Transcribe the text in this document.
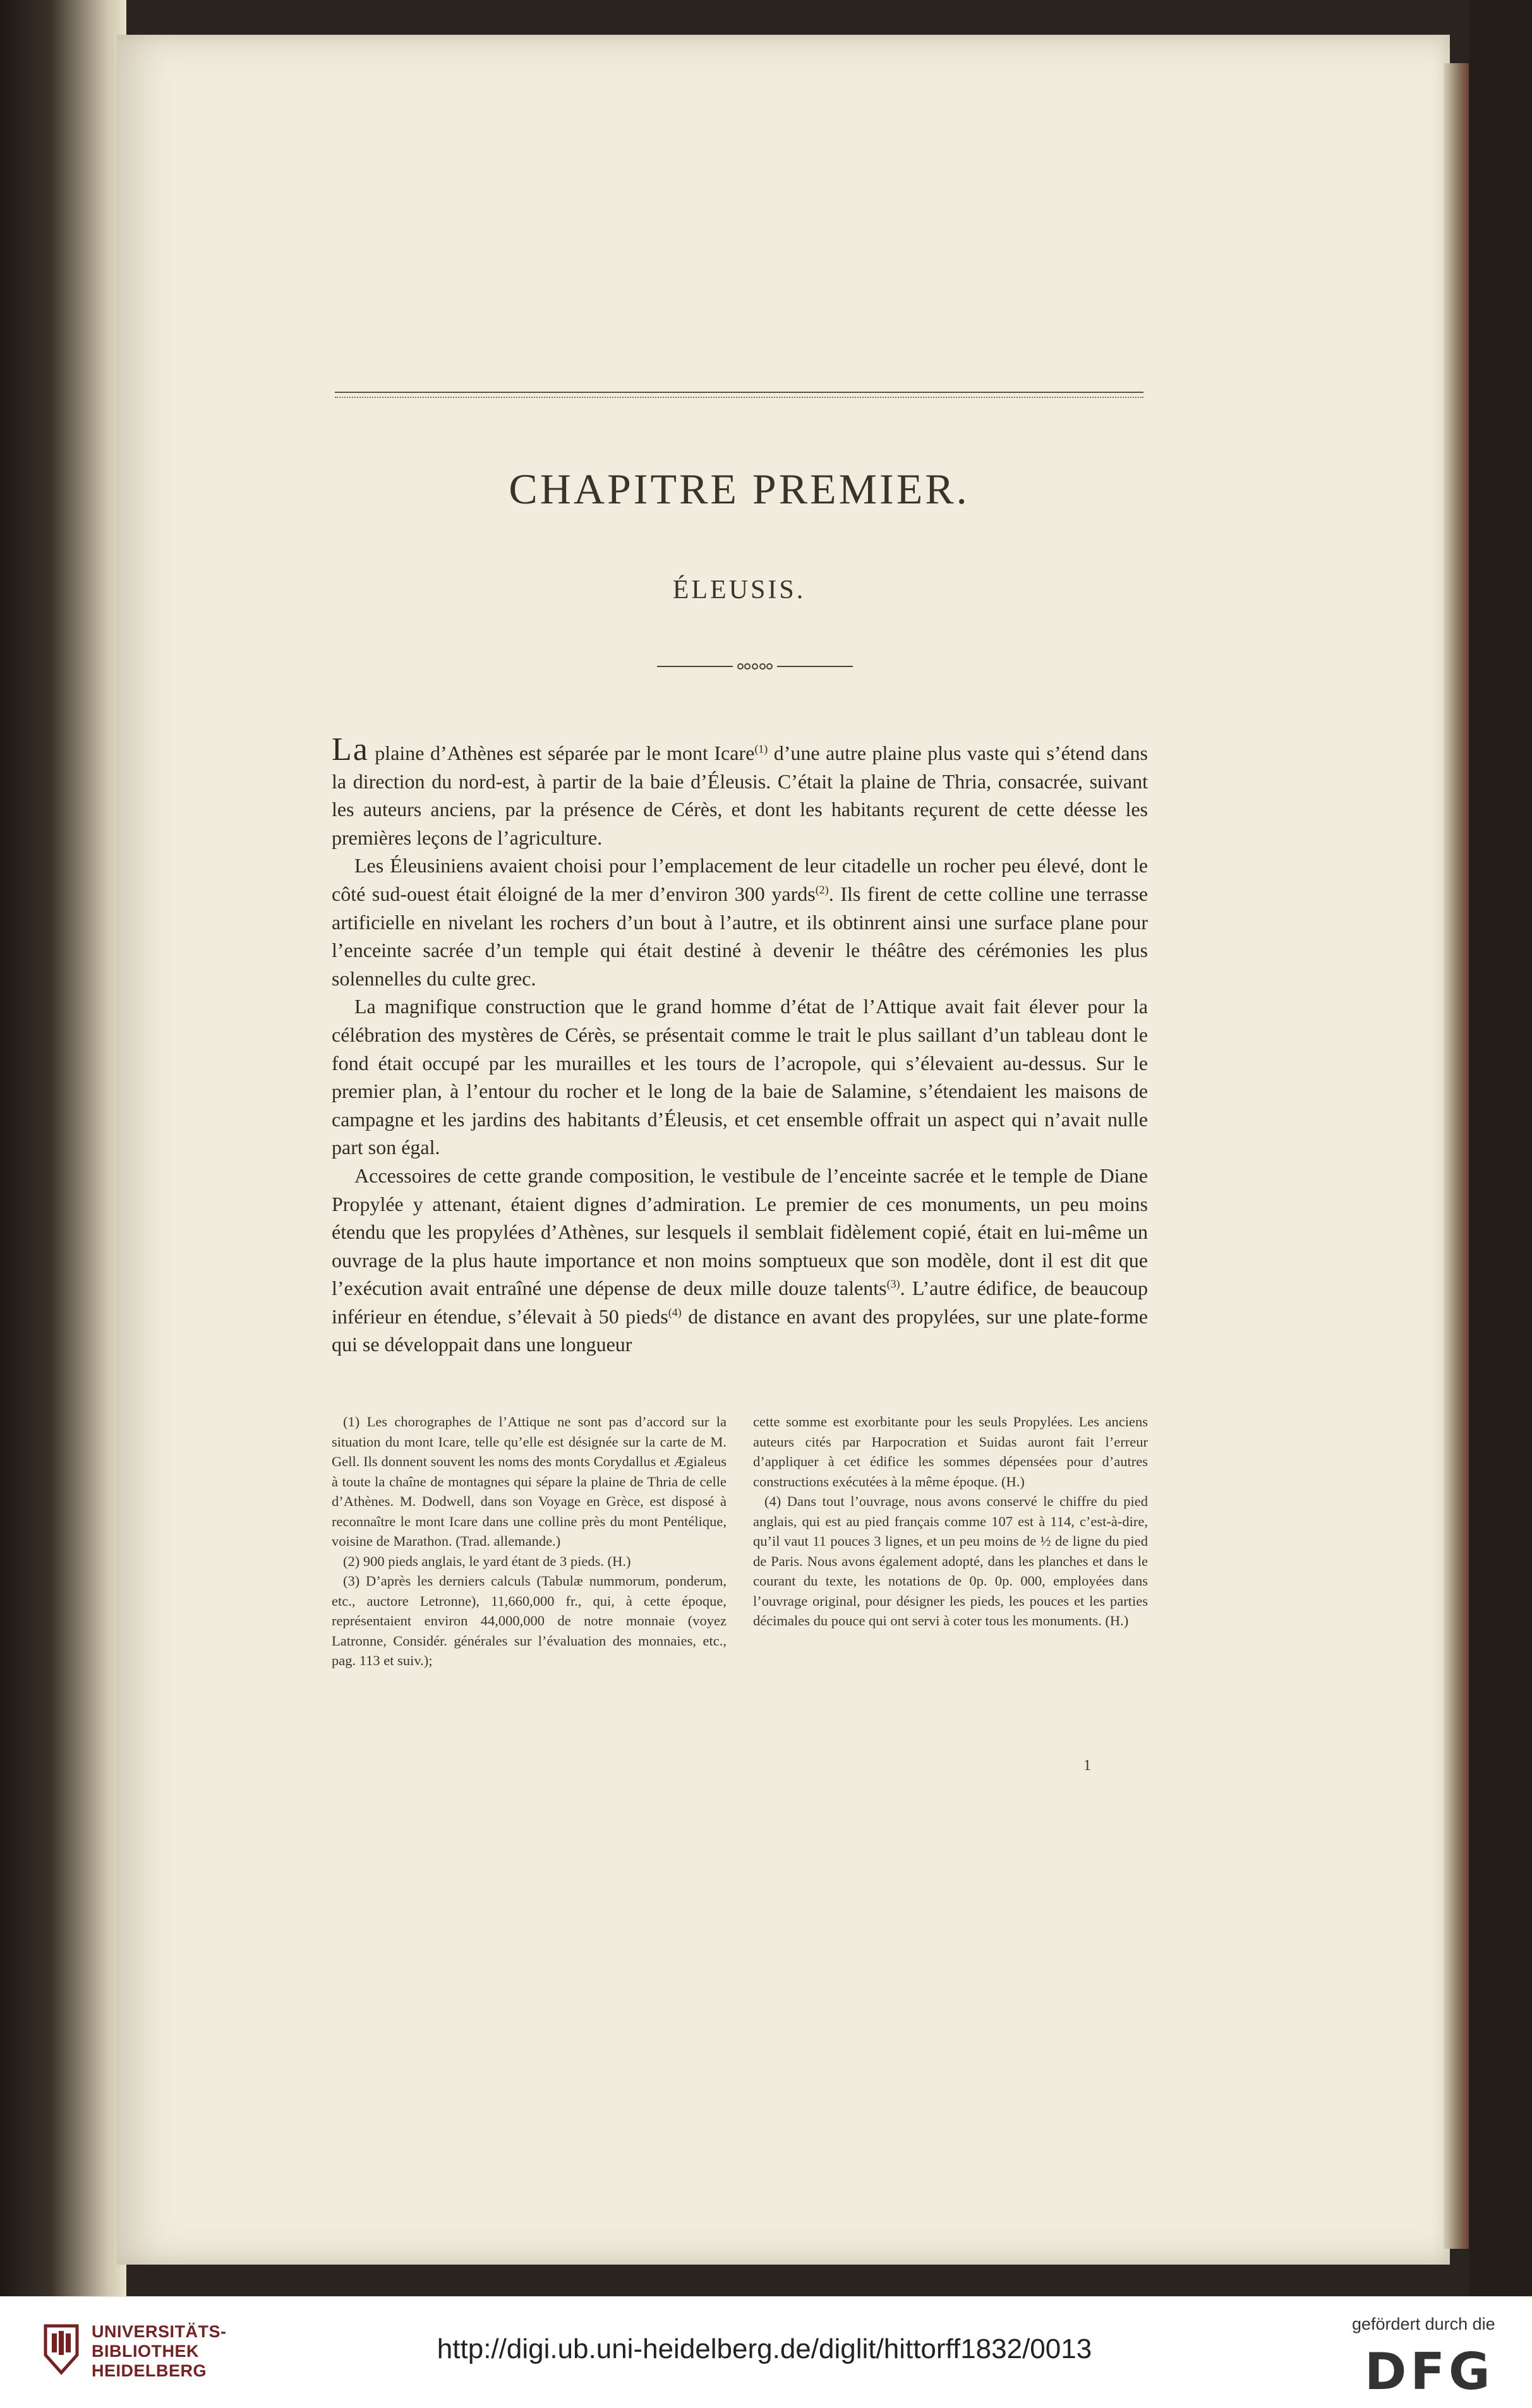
CHAPITRE PREMIER.
ÉLEUSIS.

La plaine d’Athènes est séparée par le mont Icare$^{(1)}$ d’une autre plaine plus vaste qui s’étend dans la direction du nord-est, à partir de la baie d’Éleusis. C’était la plaine de Thria, consacrée, suivant les auteurs anciens, par la présence de Cérès, et dont les habitants reçurent de cette déesse les premières leçons de l’agriculture.

Les Éleusiniens avaient choisi pour l’emplacement de leur citadelle un rocher peu élevé, dont le côté sud-ouest était éloigné de la mer d’environ 300 yards$^{(2)}$. Ils firent de cette colline une terrasse artificielle en nivelant les rochers d’un bout à l’autre, et ils obtinrent ainsi une surface plane pour l’enceinte sacrée d’un temple qui était destiné à devenir le théâtre des cérémonies les plus solennelles du culte grec.

La magnifique construction que le grand homme d’état de l’Attique avait fait élever pour la célébration des mystères de Cérès, se présentait comme le trait le plus saillant d’un tableau dont le fond était occupé par les murailles et les tours de l’acropole, qui s’élevaient au-dessus. Sur le premier plan, à l’entour du rocher et le long de la baie de Salamine, s’étendaient les maisons de campagne et les jardins des habitants d’Éleusis, et cet ensemble offrait un aspect qui n’avait nulle part son égal.

Accessoires de cette grande composition, le vestibule de l’enceinte sacrée et le temple de Diane Propylée y attenant, étaient dignes d’admiration. Le premier de ces monuments, un peu moins étendu que les propylées d’Athènes, sur lesquels il semblait fidèlement copié, était en lui-même un ouvrage de la plus haute importance et non moins somptueux que son modèle, dont il est dit que l’exécution avait entraîné une dépense de deux mille douze talents$^{(3)}$. L’autre édifice, de beaucoup inférieur en étendue, s’élevait à 50 pieds$^{(4)}$ de distance en avant des propylées, sur une plate-forme qui se développait dans une longueur

(1) Les chorographes de l’Attique ne sont pas d’accord sur la situation du mont Icare, telle qu’elle est désignée sur la carte de M. Gell. Ils donnent souvent les noms des monts Corydallus et Ægialeus à toute la chaîne de montagnes qui sépare la plaine de Thria de celle d’Athènes. M. Dodwell, dans son Voyage en Grèce, est disposé à reconnaître le mont Icare dans une colline près du mont Pentélique, voisine de Marathon. (Trad. allemande.)

(2) 900 pieds anglais, le yard étant de 3 pieds. (H.)

(3) D’après les derniers calculs (Tabulæ nummorum, ponderum, etc., auctore Letronne), 11,660,000 fr., qui, à cette époque, représentaient environ 44,000,000 de notre monnaie (voyez Latronne, Considér. générales sur l’évaluation des monnaies, etc., pag. 113 et suiv.);

cette somme est exorbitante pour les seuls Propylées. Les anciens auteurs cités par Harpocration et Suidas auront fait l’erreur d’appliquer à cet édifice les sommes dépensées pour d’autres constructions exécutées à la même époque. (H.)

(4) Dans tout l’ouvrage, nous avons conservé le chiffre du pied anglais, qui est au pied français comme 107 est à 114, c’est-à-dire, qu’il vaut 11 pouces 3 lignes, et un peu moins de ½ de ligne du pied de Paris. Nous avons également adopté, dans les planches et dans le courant du texte, les notations de 0p. 0p. 000, employées dans l’ouvrage original, pour désigner les pieds, les pouces et les parties décimales du pouce qui ont servi à coter tous les monuments. (H.)

1
UNIVERSITÄTS-
BIBLIOTHEK
HEIDELBERG
http://digi.ub.uni-heidelberg.de/diglit/hittorff1832/0013
gefördert durch die
DFG
